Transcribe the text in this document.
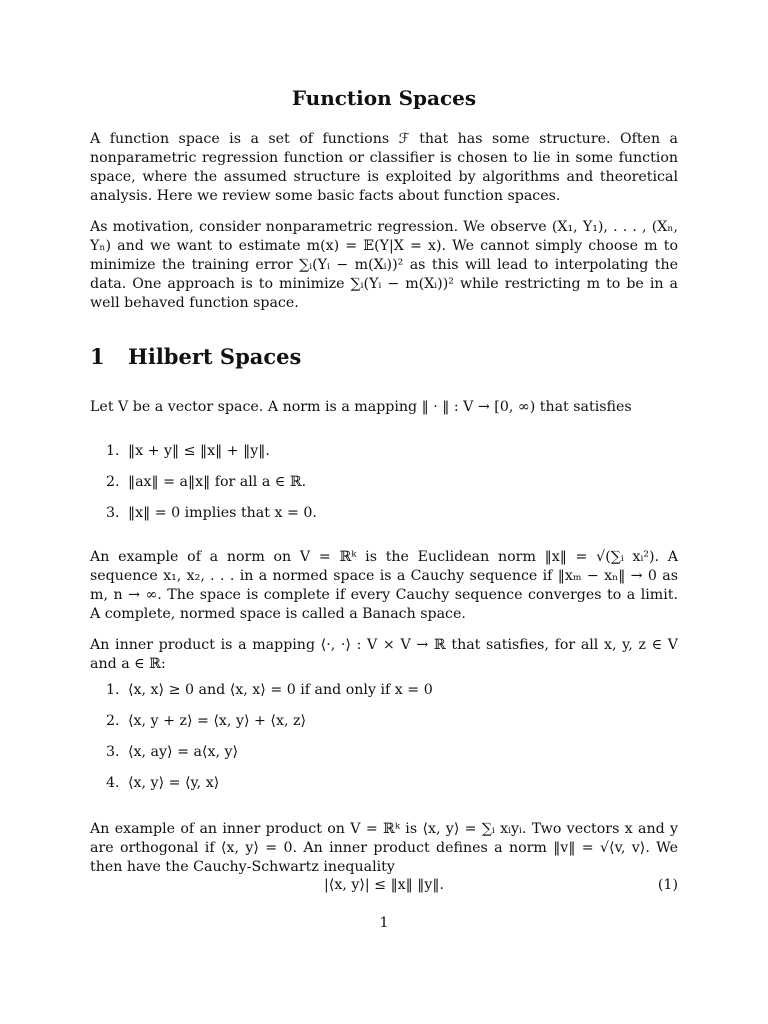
Function Spaces

A function space is a set of functions ℱ that has some structure. Often a nonparametric regression function or classifier is chosen to lie in some function space, where the assumed structure is exploited by algorithms and theoretical analysis. Here we review some basic facts about function spaces.

As motivation, consider nonparametric regression. We observe (X₁, Y₁), . . . , (Xₙ, Yₙ) and we want to estimate m(x) = 𝔼(Y|X = x). We cannot simply choose m to minimize the training error ∑ᵢ(Yᵢ − m(Xᵢ))² as this will lead to interpolating the data. One approach is to minimize ∑ᵢ(Yᵢ − m(Xᵢ))² while restricting m to be in a well behaved function space.

1 Hilbert Spaces

Let V be a vector space. A norm is a mapping ‖ · ‖ : V → [0, ∞) that satisfies

1. ‖x + y‖ ≤ ‖x‖ + ‖y‖.
2. ‖ax‖ = a‖x‖ for all a ∈ ℝ.
3. ‖x‖ = 0 implies that x = 0.

An example of a norm on V = ℝᵏ is the Euclidean norm ‖x‖ = √(∑ᵢ xᵢ²). A sequence x₁, x₂, . . . in a normed space is a Cauchy sequence if ‖xₘ − xₙ‖ → 0 as m, n → ∞. The space is complete if every Cauchy sequence converges to a limit. A complete, normed space is called a Banach space.

An inner product is a mapping ⟨·, ·⟩ : V × V → ℝ that satisfies, for all x, y, z ∈ V and a ∈ ℝ:

1. ⟨x, x⟩ ≥ 0 and ⟨x, x⟩ = 0 if and only if x = 0
2. ⟨x, y + z⟩ = ⟨x, y⟩ + ⟨x, z⟩
3. ⟨x, ay⟩ = a⟨x, y⟩
4. ⟨x, y⟩ = ⟨y, x⟩

An example of an inner product on V = ℝᵏ is ⟨x, y⟩ = ∑ᵢ xᵢyᵢ. Two vectors x and y are orthogonal if ⟨x, y⟩ = 0. An inner product defines a norm ‖v‖ = √⟨v, v⟩. We then have the Cauchy-Schwartz inequality

|⟨x, y⟩| ≤ ‖x‖ ‖y‖.	(1)
1
